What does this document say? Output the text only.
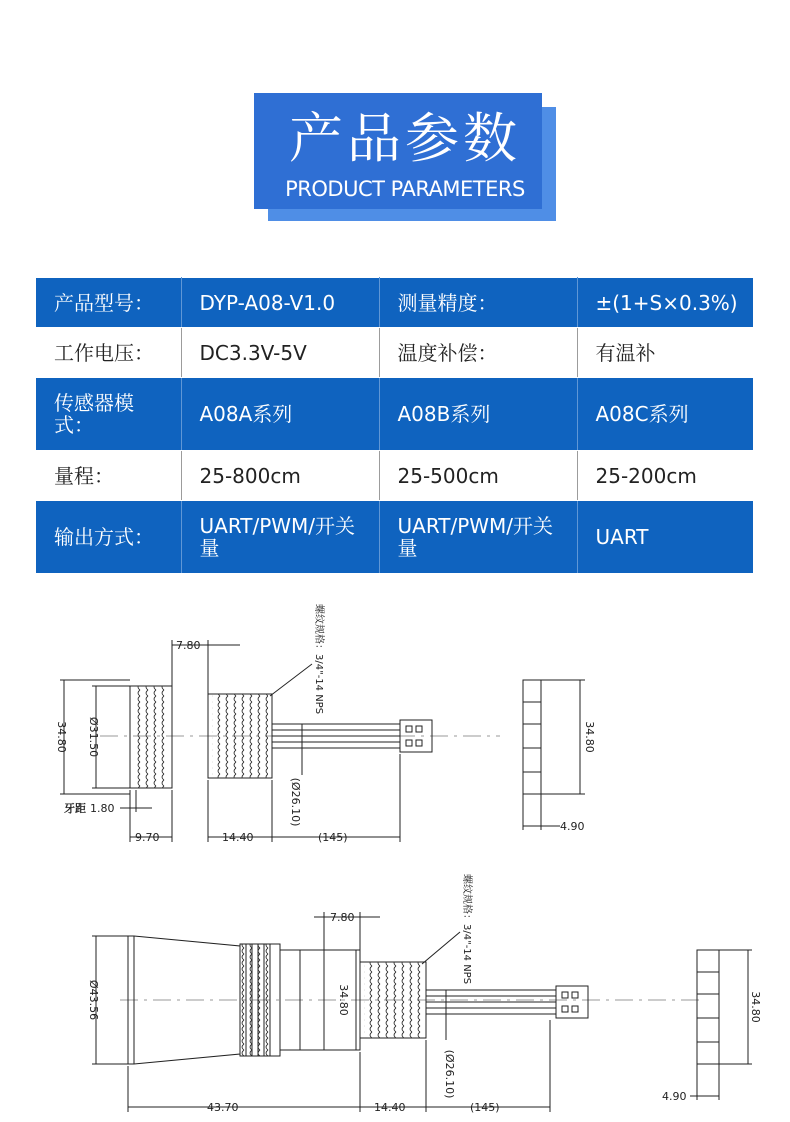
产品参数
PRODUCT PARAMETERS
产品型号：	DYP-A08-V1.0	测量精度：	±(1+S×0.3%)
工作电压：	DC3.3V-5V	温度补偿：	有温补
传感器模式：	A08A系列	A08B系列	A08C系列
量程：	25-800cm	25-500cm	25-200cm
输出方式：	UART/PWM/开关量	UART/PWM/开关量	UART
7.80
34.80 Ø31.50
牙距 1.80
9.70	14.40	(145)
(Ø26.10)
螺纹规格：3/4"-14 NPS
34.80
4.90
7.80
Ø43.56	34.80
(Ø26.10)
43.70	14.40	(145)
螺纹规格：3/4"-14 NPS
34.80
4.90
